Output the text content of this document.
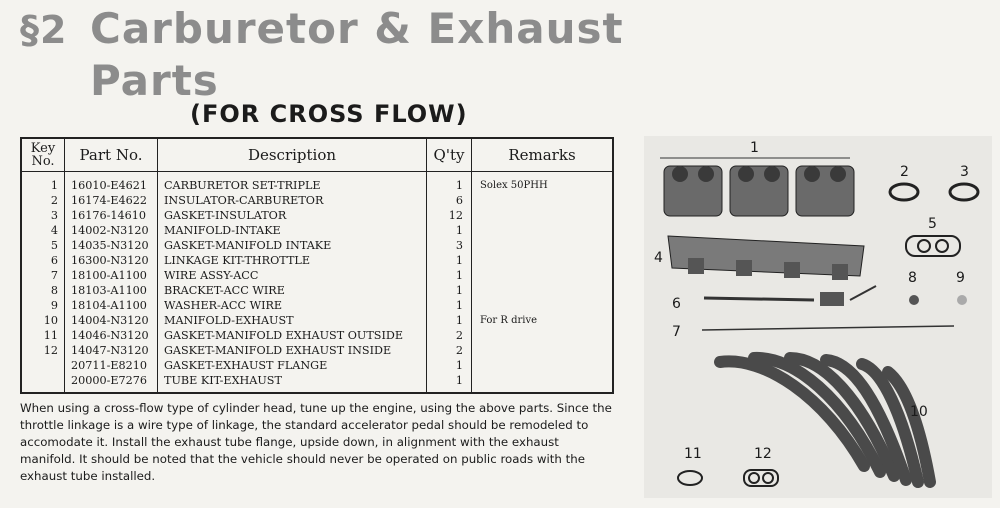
§2 Carburetor & Exhaust
Parts
(FOR CROSS FLOW)
Key
No.	Part No.	Description	Q'ty	Remarks
1	16010-E4621	CARBURETOR SET-TRIPLE	1	Solex 50PHH
2	16174-E4622	INSULATOR-CARBURETOR	6	
3	16176-14610	GASKET-INSULATOR	12	
4	14002-N3120	MANIFOLD-INTAKE	1	
5	14035-N3120	GASKET-MANIFOLD INTAKE	3	
6	16300-N3120	LINKAGE KIT-THROTTLE	1	
7	18100-A1100	WIRE ASSY-ACC	1	
8	18103-A1100	BRACKET-ACC WIRE	1	
9	18104-A1100	WASHER-ACC WIRE	1	
10	14004-N3120	MANIFOLD-EXHAUST	1	For R drive
11	14046-N3120	GASKET-MANIFOLD EXHAUST OUTSIDE	2	
12	14047-N3120	GASKET-MANIFOLD EXHAUST INSIDE	2	
	20711-E8210	GASKET-EXHAUST FLANGE	1	
	20000-E7276	TUBE KIT-EXHAUST	1	

When using a cross-flow type of cylinder head, tune up the engine, using the above parts. Since the throttle linkage is a wire type of linkage, the standard accelerator pedal should be remodeled to accomodate it. Install the exhaust tube flange, upside down, in alignment with the exhaust manifold. It should be noted that the vehicle should never be operated on public roads with the exhaust tube installed.

1
2	3
4
5
6
7
8	9
10
11	12
